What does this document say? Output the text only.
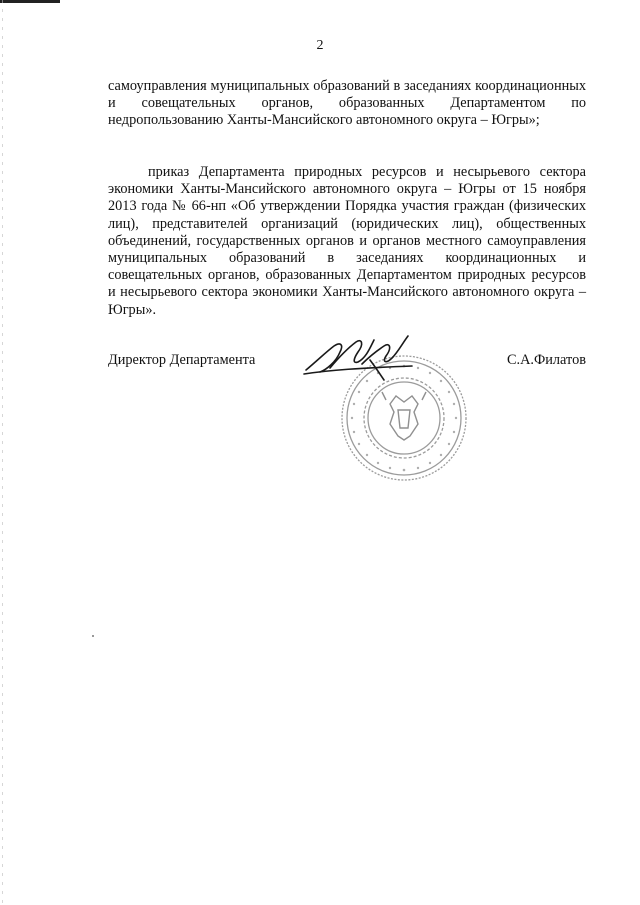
2
самоуправления муниципальных образований в заседаниях координационных и совещательных органов, образованных Департаментом по недропользованию Ханты-Мансийского автономного округа – Югры»;
приказ Департамента природных ресурсов и несырьевого сектора экономики Ханты-Мансийского автономного округа – Югры от 15 ноября 2013 года № 66-нп «Об утверждении Порядка участия граждан (физических лиц), представителей организаций (юридических лиц), общественных объединений, государственных органов и органов местного самоуправления муниципальных образований в заседаниях координационных и совещательных органов, образованных Департаментом природных ресурсов и несырьевого сектора экономики Ханты-Мансийского автономного округа – Югры».
Директор Департамента	С.А.Филатов
